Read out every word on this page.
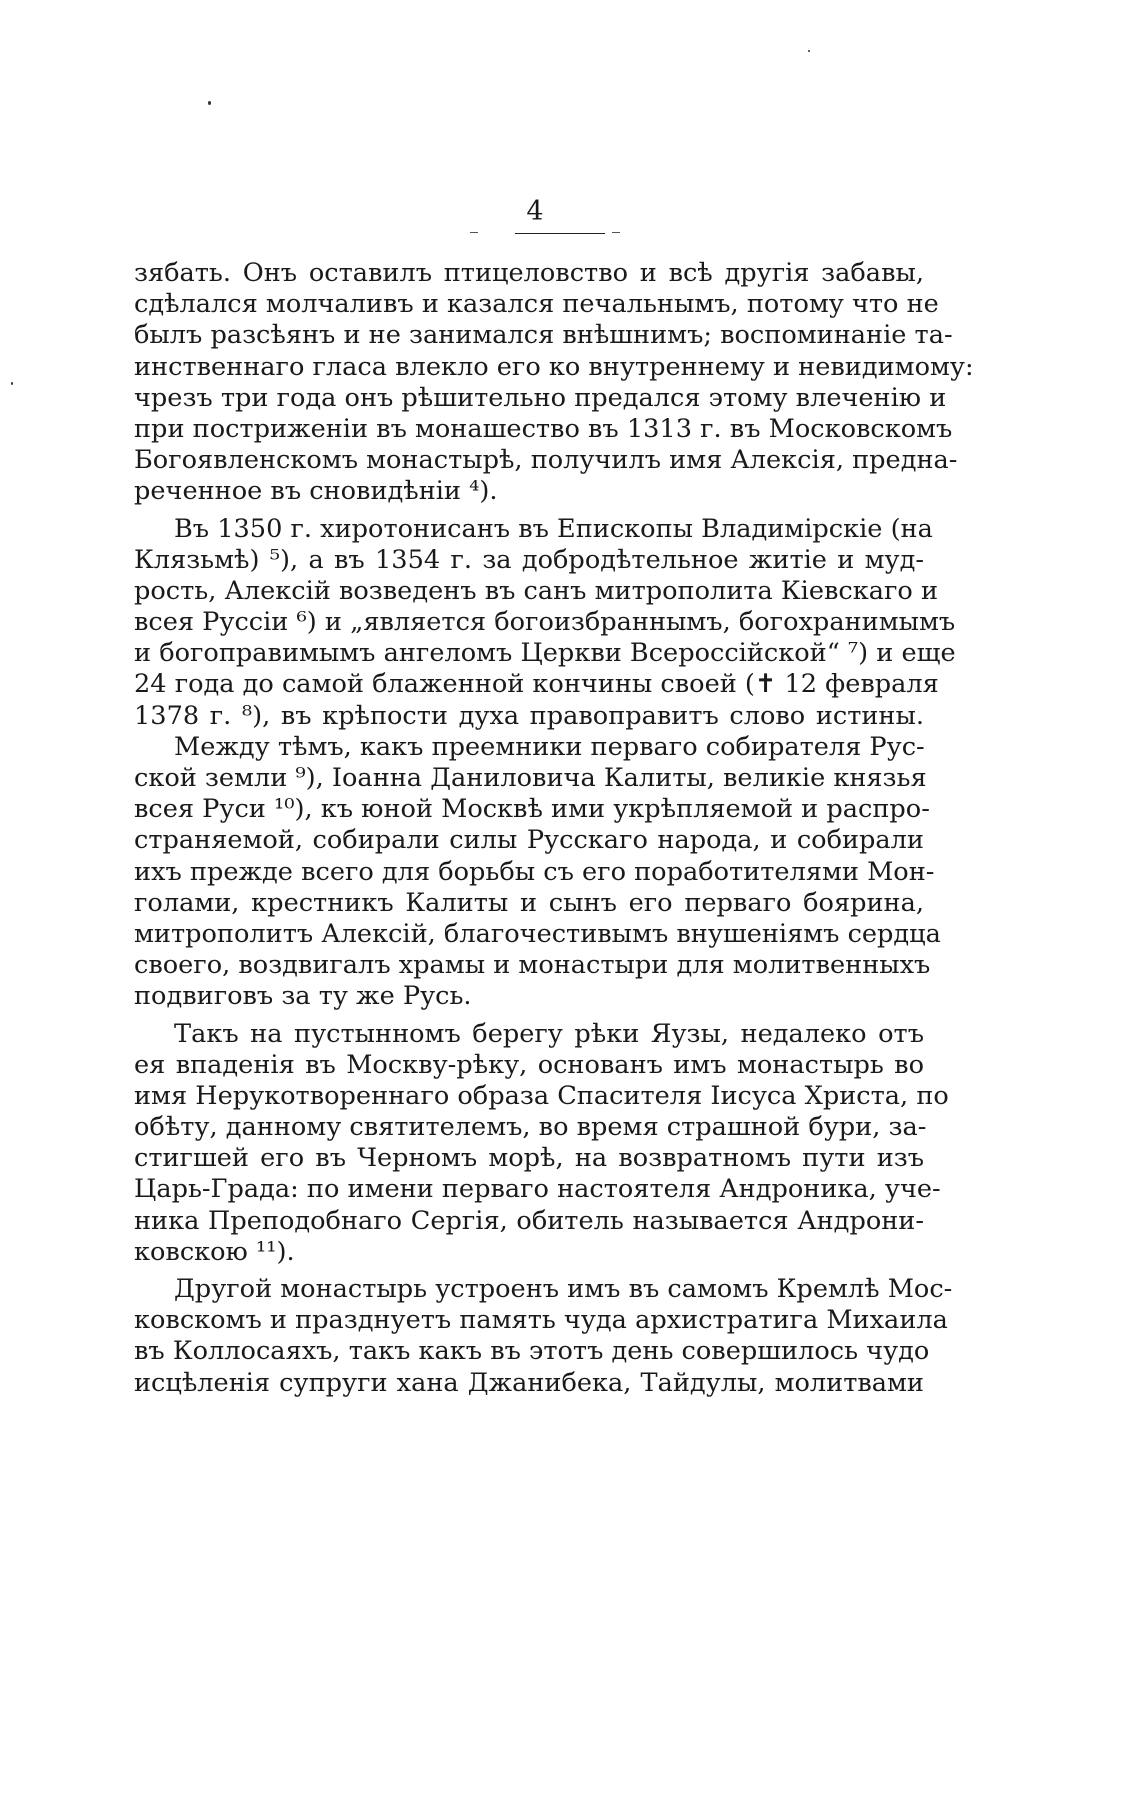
4
зябать. Онъ оставилъ птицеловство и всѣ другія забавы,
сдѣлался молчаливъ и казался печальнымъ, потому что не
былъ разсѣянъ и не занимался внѣшнимъ; воспоминаніе та-
инственнаго гласа влекло его ко внутреннему и невидимому:
чрезъ три года онъ рѣшительно предался этому влеченію и
при постриженіи въ монашество въ 1313 г. въ Московскомъ
Богоявленскомъ монастырѣ, получилъ имя Алексія, предна-
реченное въ сновидѣніи ⁴).
Въ 1350 г. хиротонисанъ въ Епископы Владимірскіе (на
Клязьмѣ) ⁵), а въ 1354 г. за добродѣтельное житіе и муд-
рость, Алексій возведенъ въ санъ митрополита Кіевскаго и
всея Руссіи ⁶) и „является богоизбраннымъ, богохранимымъ
и богоправимымъ ангеломъ Церкви Всероссійской“ ⁷) и еще
24 года до самой блаженной кончины своей (✝ 12 февраля
1378 г. ⁸), въ крѣпости духа правоправитъ слово истины.
Между тѣмъ, какъ преемники перваго собирателя Рус-
ской земли ⁹), Іоанна Даниловича Калиты, великіе князья
всея Руси ¹⁰), къ юной Москвѣ ими укрѣпляемой и распро-
страняемой, собирали силы Русскаго народа, и собирали
ихъ прежде всего для борьбы съ его поработителями Мон-
голами, крестникъ Калиты и сынъ его перваго боярина,
митрополитъ Алексій, благочестивымъ внушеніямъ сердца
своего, воздвигалъ храмы и монастыри для молитвенныхъ
подвиговъ за ту же Русь.
Такъ на пустынномъ берегу рѣки Яузы, недалеко отъ
ея впаденія въ Москву-рѣку, основанъ имъ монастырь во
имя Нерукотвореннаго образа Спасителя Іисуса Христа, по
обѣту, данному святителемъ, во время страшной бури, за-
стигшей его въ Черномъ морѣ, на возвратномъ пути изъ
Царь-Града: по имени перваго настоятеля Андроника, уче-
ника Преподобнаго Сергія, обитель называется Андрони-
ковскою ¹¹).
Другой монастырь устроенъ имъ въ самомъ Кремлѣ Мос-
ковскомъ и празднуетъ память чуда архистратига Михаила
въ Коллосаяхъ, такъ какъ въ этотъ день совершилось чудо
исцѣленія супруги хана Джанибека, Тайдулы, молитвами
